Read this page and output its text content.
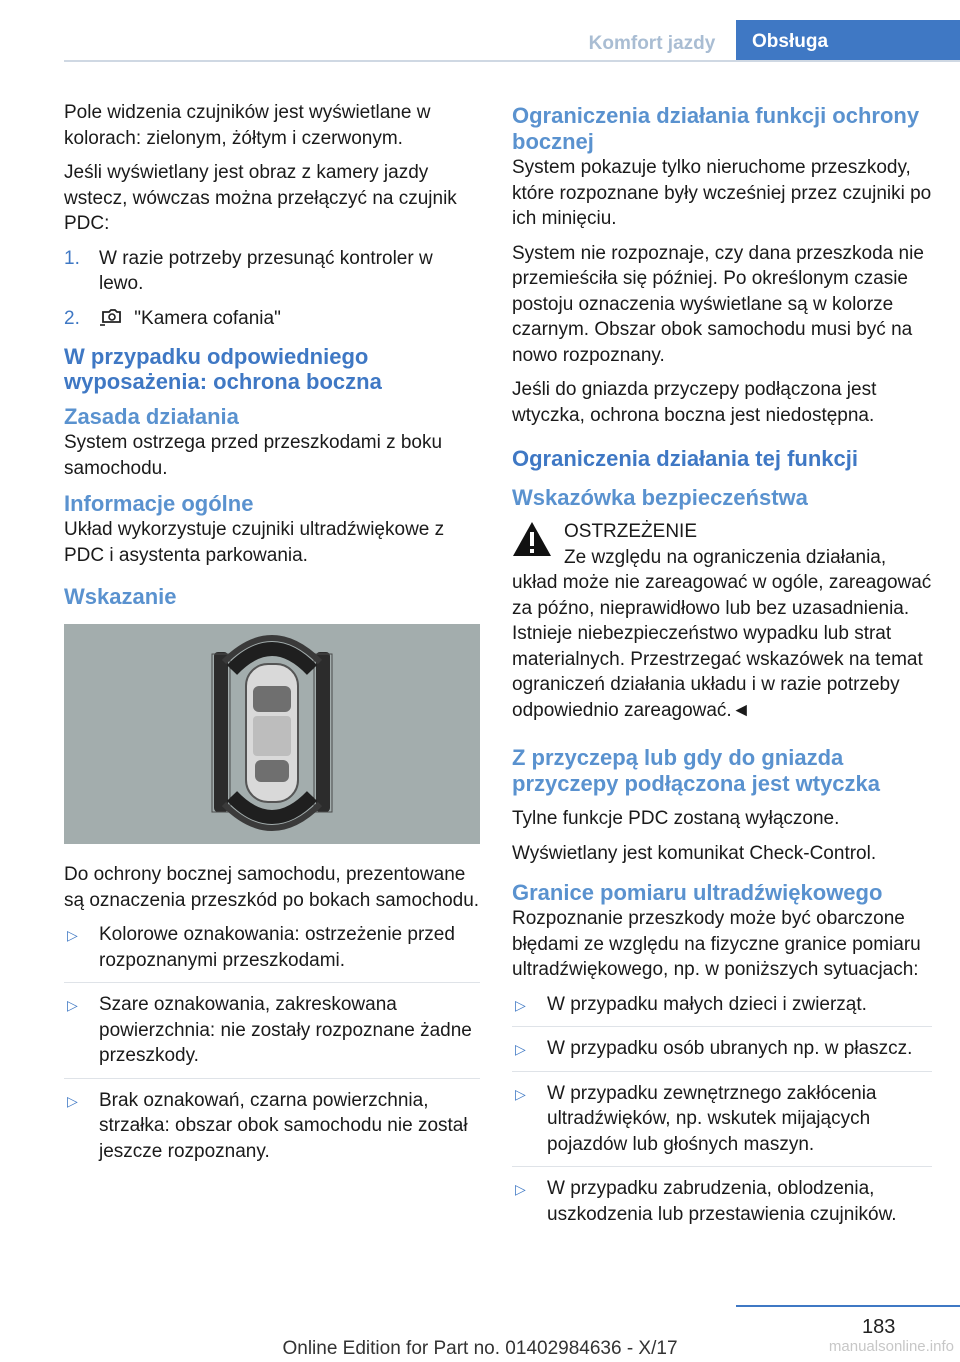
Komfort jazdy	Obsługa

Pole widzenia czujników jest wyświetlane w kolorach: zielonym, żółtym i czerwonym.

Jeśli wyświetlany jest obraz z kamery jazdy wstecz, wówczas można przełączyć na czujnik PDC:

1. W razie potrzeby przesunąć kontroler w lewo.
2.	"Kamera cofania"
W przypadku odpowiedniego wyposażenia: ochrona boczna
Zasada działania

System ostrzega przed przeszkodami z boku samochodu.

Informacje ogólne

Układ wykorzystuje czujniki ultradźwiękowe z PDC i asystenta parkowania.

Wskazanie

Do ochrony bocznej samochodu, prezentowane są oznaczenia przeszkód po bokach samochodu.

▷ Kolorowe oznakowania: ostrzeżenie przed rozpoznanymi przeszkodami.
▷ Szare oznakowania, zakreskowana powierzchnia: nie zostały rozpoznane żadne przeszkody.
▷ Brak oznakowań, czarna powierzchnia, strzałka: obszar obok samochodu nie został jeszcze rozpoznany.
Ograniczenia działania funkcji ochrony bocznej

System pokazuje tylko nieruchome przeszkody, które rozpoznane były wcześniej przez czujniki po ich minięciu.

System nie rozpoznaje, czy dana przeszkoda nie przemieściła się później. Po określonym czasie postoju oznaczenia wyświetlane są w kolorze czarnym. Obszar obok samochodu musi być na nowo rozpoznany.

Jeśli do gniazda przyczepy podłączona jest wtyczka, ochrona boczna jest niedostępna.

Ograniczenia działania tej funkcji
Wskazówka bezpieczeństwa

OSTRZEŻENIE

Ze względu na ograniczenia działania, układ może nie zareagować w ogóle, zareagować za późno, nieprawidłowo lub bez uzasadnienia. Istnieje niebezpieczeństwo wypadku lub strat materialnych. Przestrzegać wskazówek na temat ograniczeń działania układu i w razie potrzeby odpowiednio zareagować.◄

Z przyczepą lub gdy do gniazda przyczepy podłączona jest wtyczka

Tylne funkcje PDC zostaną wyłączone.

Wyświetlany jest komunikat Check-Control.

Granice pomiaru ultradźwiękowego

Rozpoznanie przeszkody może być obarczone błędami ze względu na fizyczne granice pomiaru ultradźwiękowego, np. w poniższych sytuacjach:

▷ W przypadku małych dzieci i zwierząt.
▷ W przypadku osób ubranych np. w płaszcz.
▷ W przypadku zewnętrznego zakłócenia ultradźwięków, np. wskutek mijających pojazdów lub głośnych maszyn.
▷ W przypadku zabrudzenia, oblodzenia, uszkodzenia lub przestawienia czujników.
183
Online Edition for Part no. 01402984636 - X/17	manualsonline.info
